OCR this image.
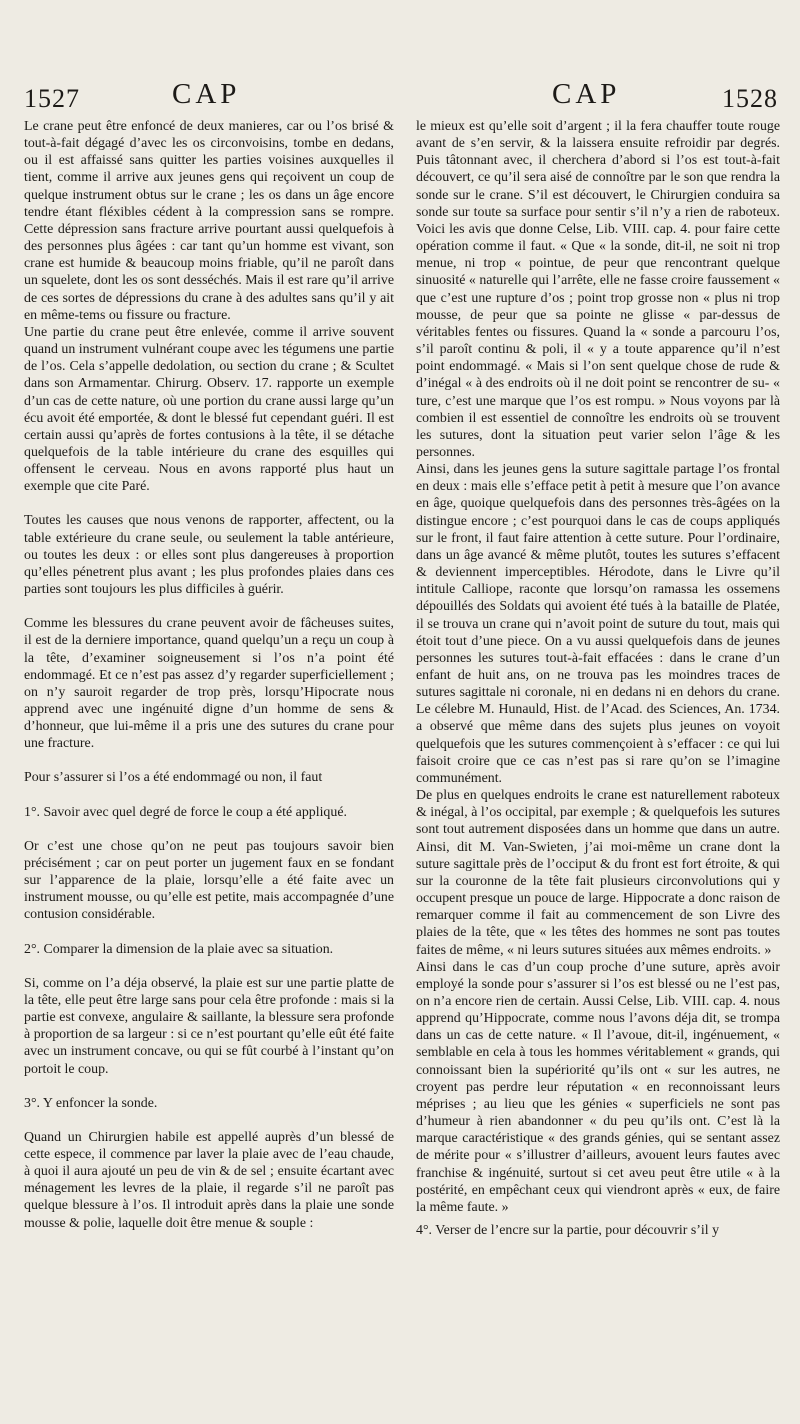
1527	CAP	CAP	1528

Le crane peut être enfoncé de deux manieres, car ou l’os brisé & tout-à-fait dégagé d’avec les os circonvoisins, tombe en dedans, ou il est affaissé sans quitter les parties voisines auxquelles il tient, comme il arrive aux jeunes gens qui reçoivent un coup de quelque instrument obtus sur le crane ; les os dans un âge encore tendre étant fléxibles cédent à la compression sans se rompre. Cette dépression sans fracture arrive pourtant aussi quelquefois à des personnes plus âgées : car tant qu’un homme est vivant, son crane est humide & beaucoup moins friable, qu’il ne paroît dans un squelete, dont les os sont desséchés. Mais il est rare qu’il arrive de ces sortes de dépressions du crane à des adultes sans qu’il y ait en même-tems ou fissure ou fracture.

Une partie du crane peut être enlevée, comme il arrive souvent quand un instrument vulnérant coupe avec les tégumens une partie de l’os. Cela s’appelle dedolation, ou section du crane ; & Scultet dans son Armamentar. Chirurg. Observ. 17. rapporte un exemple d’un cas de cette nature, où une portion du crane aussi large qu’un écu avoit été emportée, & dont le blessé fut cependant guéri. Il est certain aussi qu’après de fortes contusions à la tête, il se détache quelquefois de la table intérieure du crane des esquilles qui offensent le cerveau. Nous en avons rapporté plus haut un exemple que cite Paré.

Toutes les causes que nous venons de rapporter, affectent, ou la table extérieure du crane seule, ou seulement la table antérieure, ou toutes les deux : or elles sont plus dangereuses à proportion qu’elles pénetrent plus avant ; les plus profondes plaies dans ces parties sont toujours les plus difficiles à guérir.

Comme les blessures du crane peuvent avoir de fâcheuses suites, il est de la derniere importance, quand quelqu’un a reçu un coup à la tête, d’examiner soigneusement si l’os n’a point été endommagé. Et ce n’est pas assez d’y regarder superficiellement ; on n’y sauroit regarder de trop près, lorsqu’Hipocrate nous apprend avec une ingénuité digne d’un homme de sens & d’honneur, que lui-même il a pris une des sutures du crane pour une fracture.

Pour s’assurer si l’os a été endommagé ou non, il faut

1°. Savoir avec quel degré de force le coup a été appliqué.

Or c’est une chose qu’on ne peut pas toujours savoir bien précisément ; car on peut porter un jugement faux en se fondant sur l’apparence de la plaie, lorsqu’elle a été faite avec un instrument mousse, ou qu’elle est petite, mais accompagnée d’une contusion considérable.

2°. Comparer la dimension de la plaie avec sa situation.

Si, comme on l’a déja observé, la plaie est sur une partie platte de la tête, elle peut être large sans pour cela être profonde : mais si la partie est convexe, angulaire & saillante, la blessure sera profonde à proportion de sa largeur : si ce n’est pourtant qu’elle eût été faite avec un instrument concave, ou qui se fût courbé à l’instant qu’on portoit le coup.

3°. Y enfoncer la sonde.

Quand un Chirurgien habile est appellé auprès d’un blessé de cette espece, il commence par laver la plaie avec de l’eau chaude, à quoi il aura ajouté un peu de vin & de sel ; ensuite écartant avec ménagement les levres de la plaie, il regarde s’il ne paroît pas quelque blessure à l’os. Il introduit après dans la plaie une sonde mousse & polie, laquelle doit être menue & souple :

le mieux est qu’elle soit d’argent ; il la fera chauffer toute rouge avant de s’en servir, & la laissera ensuite refroidir par degrés. Puis tâtonnant avec, il cherchera d’abord si l’os est tout-à-fait découvert, ce qu’il sera aisé de connoître par le son que rendra la sonde sur le crane. S’il est découvert, le Chirurgien conduira sa sonde sur toute sa surface pour sentir s’il n’y a rien de raboteux. Voici les avis que donne Celse, Lib. VIII. cap. 4. pour faire cette opération comme il faut. « Que « la sonde, dit-il, ne soit ni trop menue, ni trop « pointue, de peur que rencontrant quelque sinuosité « naturelle qui l’arrête, elle ne fasse croire faussement « que c’est une rupture d’os ; point trop grosse non « plus ni trop mousse, de peur que sa pointe ne glisse « par-dessus de véritables fentes ou fissures. Quand la « sonde a parcouru l’os, s’il paroît continu & poli, il « y a toute apparence qu’il n’est point endommagé. « Mais si l’on sent quelque chose de rude & d’inégal « à des endroits où il ne doit point se rencontrer de su- « ture, c’est une marque que l’os est rompu. » Nous voyons par là combien il est essentiel de connoître les endroits où se trouvent les sutures, dont la situation peut varier selon l’âge & les personnes.

Ainsi, dans les jeunes gens la suture sagittale partage l’os frontal en deux : mais elle s’efface petit à petit à mesure que l’on avance en âge, quoique quelquefois dans des personnes très-âgées on la distingue encore ; c’est pourquoi dans le cas de coups appliqués sur le front, il faut faire attention à cette suture. Pour l’ordinaire, dans un âge avancé & même plutôt, toutes les sutures s’effacent & deviennent imperceptibles. Hérodote, dans le Livre qu’il intitule Calliope, raconte que lorsqu’on ramassa les ossemens dépouillés des Soldats qui avoient été tués à la bataille de Platée, il se trouva un crane qui n’avoit point de suture du tout, mais qui étoit tout d’une piece. On a vu aussi quelquefois dans de jeunes personnes les sutures tout-à-fait effacées : dans le crane d’un enfant de huit ans, on ne trouva pas les moindres traces de sutures sagittale ni coronale, ni en dedans ni en dehors du crane. Le célebre M. Hunauld, Hist. de l’Acad. des Sciences, An. 1734. a observé que même dans des sujets plus jeunes on voyoit quelquefois que les sutures commençoient à s’effacer : ce qui lui faisoit croire que ce cas n’est pas si rare qu’on se l’imagine communément.

De plus en quelques endroits le crane est naturellement raboteux & inégal, à l’os occipital, par exemple ; & quelquefois les sutures sont tout autrement disposées dans un homme que dans un autre. Ainsi, dit M. Van-Swieten, j’ai moi-même un crane dont la suture sagittale près de l’occiput & du front est fort étroite, & qui sur la couronne de la tête fait plusieurs circonvolutions qui y occupent presque un pouce de large. Hippocrate a donc raison de remarquer comme il fait au commencement de son Livre des plaies de la tête, que « les têtes des hommes ne sont pas toutes faites de même, « ni leurs sutures situées aux mêmes endroits. »

Ainsi dans le cas d’un coup proche d’une suture, après avoir employé la sonde pour s’assurer si l’os est blessé ou ne l’est pas, on n’a encore rien de certain. Aussi Celse, Lib. VIII. cap. 4. nous apprend qu’Hippocrate, comme nous l’avons déja dit, se trompa dans un cas de cette nature. « Il l’avoue, dit-il, ingénuement, « semblable en cela à tous les hommes véritablement « grands, qui connoissant bien la supériorité qu’ils ont « sur les autres, ne croyent pas perdre leur réputation « en reconnoissant leurs méprises ; au lieu que les génies « superficiels ne sont pas d’humeur à rien abandonner « du peu qu’ils ont. C’est là la marque caractéristique « des grands génies, qui se sentant assez de mérite pour « s’illustrer d’ailleurs, avouent leurs fautes avec franchise & ingénuité, surtout si cet aveu peut être utile « à la postérité, en empêchant ceux qui viendront après « eux, de faire la même faute. »

4°. Verser de l’encre sur la partie, pour découvrir s’il y
